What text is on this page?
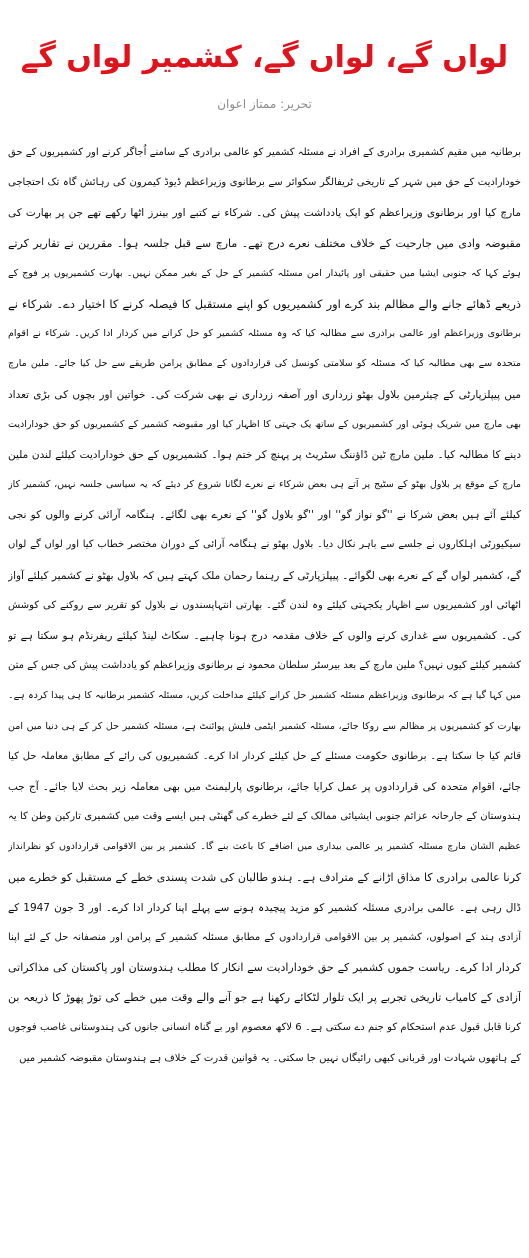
لواں گے، لواں گے، کشمیر لواں گے
تحریر: ممتاز اعوان

برطانیہ میں مقیم کشمیری برادری کے افراد نے مسئلہ کشمیر کو عالمی برادری کے سامنے اُجاگر کرنے اور کشمیریوں کے حق

خودارادیت کے حق میں شہر کے تاریخی ٹریفالگر سکوائر سے برطانوی وزیراعظم ڈیوڈ کیمرون کی رہائش گاہ تک احتجاجی

مارچ کیا اور برطانوی وزیراعظم کو ایک یادداشت پیش کی۔ شرکاء نے کتبے اور بینرز اٹھا رکھے تھے جن پر بھارت کی

مقبوضہ وادی میں جارحیت کے خلاف مختلف نعرے درج تھے۔ مارچ سے قبل جلسہ ہوا۔ مقررین نے تقاریر کرتے

ہوئے کہا کہ جنوبی ایشیا میں حقیقی اور پائیدار امن مسئلہ کشمیر کے حل کے بغیر ممکن نہیں۔ بھارت کشمیریوں پر فوج کے

ذریعے ڈھائے جانے والے مظالم بند کرے اور کشمیریوں کو اپنے مستقبل کا فیصلہ کرنے کا اختیار دے۔ شرکاء نے

برطانوی وزیراعظم اور عالمی برادری سے مطالبہ کیا کہ وہ مسئلہ کشمیر کو حل کرانے میں کردار ادا کریں۔ شرکاء نے اقوام

متحدہ سے بھی مطالبہ کیا کہ مسئلہ کو سلامتی کونسل کی قراردادوں کے مطابق پرامن طریقے سے حل کیا جائے۔ ملین مارچ

میں پیپلزپارٹی کے چیئرمین بلاول بھٹو زرداری اور آصفہ زرداری نے بھی شرکت کی۔ خواتین اور بچوں کی بڑی تعداد

بھی مارچ میں شریک ہوئی اور کشمیریوں کے ساتھ یک جہتی کا اظہار کیا اور مقبوضہ کشمیر کے کشمیریوں کو حق خودارادیت

دینے کا مطالبہ کیا۔ ملین مارچ ٹین ڈاؤننگ سٹریٹ پر پہنچ کر ختم ہوا۔ کشمیریوں کے حق خودارادیت کیلئے لندن ملین

مارچ کے موقع پر بلاول بھٹو کے سٹیج پر آتے ہی بعض شرکاء نے نعرے لگانا شروع کر دیئے کہ یہ سیاسی جلسہ نہیں، کشمیر کاز

کیلئے آئے ہیں بعض شرکا نے ''گو نواز گو'' اور ''گو بلاول گو'' کے نعرے بھی لگائے۔ ہنگامہ آرائی کرنے والوں کو نجی

سیکیورٹی اہلکاروں نے جلسے سے باہر نکال دیا۔ بلاول بھٹو نے ہنگامہ آرائی کے دوران مختصر خطاب کیا اور لواں گے لواں

گے، کشمیر لواں گے کے نعرے بھی لگوائے۔ پیپلزپارٹی کے رہنما رحمان ملک کہتے ہیں کہ بلاول بھٹو نے کشمیر کیلئے آواز

اٹھائی اور کشمیریوں سے اظہار یکجہتی کیلئے وہ لندن گئے۔ بھارتی انتہاپسندوں نے بلاول کو تقریر سے روکنے کی کوشش

کی۔ کشمیریوں سے غداری کرنے والوں کے خلاف مقدمہ درج ہونا چاہیے۔ سکاٹ لینڈ کیلئے ریفرنڈم ہو سکتا ہے تو

کشمیر کیلئے کیوں نہیں؟ ملین مارچ کے بعد بیرسٹر سلطان محمود نے برطانوی وزیراعظم کو یادداشت پیش کی جس کے متن

میں کہا گیا ہے کہ برطانوی وزیراعظم مسئلہ کشمیر حل کرانے کیلئے مداخلت کریں، مسئلہ کشمیر برطانیہ کا ہی پیدا کردہ ہے۔

بھارت کو کشمیریوں پر مظالم سے روکا جائے، مسئلہ کشمیر ایٹمی فلیش پوائنٹ ہے، مسئلہ کشمیر حل کر کے ہی دنیا میں امن

قائم کیا جا سکتا ہے۔ برطانوی حکومت مسئلے کے حل کیلئے کردار ادا کرے۔ کشمیریوں کی رائے کے مطابق معاملہ حل کیا

جائے، اقوام متحدہ کی قراردادوں پر عمل کرایا جائے، برطانوی پارلیمنٹ میں بھی معاملہ زیر بحث لایا جائے۔ آج جب

ہندوستان کے جارحانہ عزائم جنوبی ایشیائی ممالک کے لئے خطرے کی گھنٹی ہیں ایسے وقت میں کشمیری تارکین وطن کا یہ

عظیم الشان مارچ مسئلہ کشمیر پر عالمی بیداری میں اضافے کا باعث بنے گا۔ کشمیر پر بین الاقوامی قراردادوں کو نظرانداز

کرنا عالمی برادری کا مذاق اڑانے کے مترادف ہے۔ ہندو طالبان کی شدت پسندی خطے کے مستقبل کو خطرے میں

ڈال رہی ہے۔ عالمی برادری مسئلہ کشمیر کو مزید پیچیدہ ہونے سے پہلے اپنا کردار ادا کرے۔ اور 3 جون 1947 کے

آزادی ہند کے اصولوں، کشمیر پر بین الاقوامی قراردادوں کے مطابق مسئلہ کشمیر کے پرامن اور منصفانہ حل کے لئے اپنا

کردار ادا کرے۔ ریاست جموں کشمیر کے حق خودارادیت سے انکار کا مطلب ہندوستان اور پاکستان کی مذاکراتی

آزادی کے کامیاب تاریخی تجربے پر ایک تلوار لٹکائے رکھنا ہے جو آنے والے وقت میں خطے کی توڑ پھوڑ کا ذریعہ بن

کرنا قابل قبول عدم استحکام کو جنم دے سکتی ہے۔ 6 لاکھ معصوم اور بے گناہ انسانی جانوں کی ہندوستانی غاصب فوجوں

کے ہاتھوں شہادت اور قربانی کبھی رائیگاں نہیں جا سکتی۔ یہ قوانین قدرت کے خلاف ہے ہندوستان مقبوضہ کشمیر میں
